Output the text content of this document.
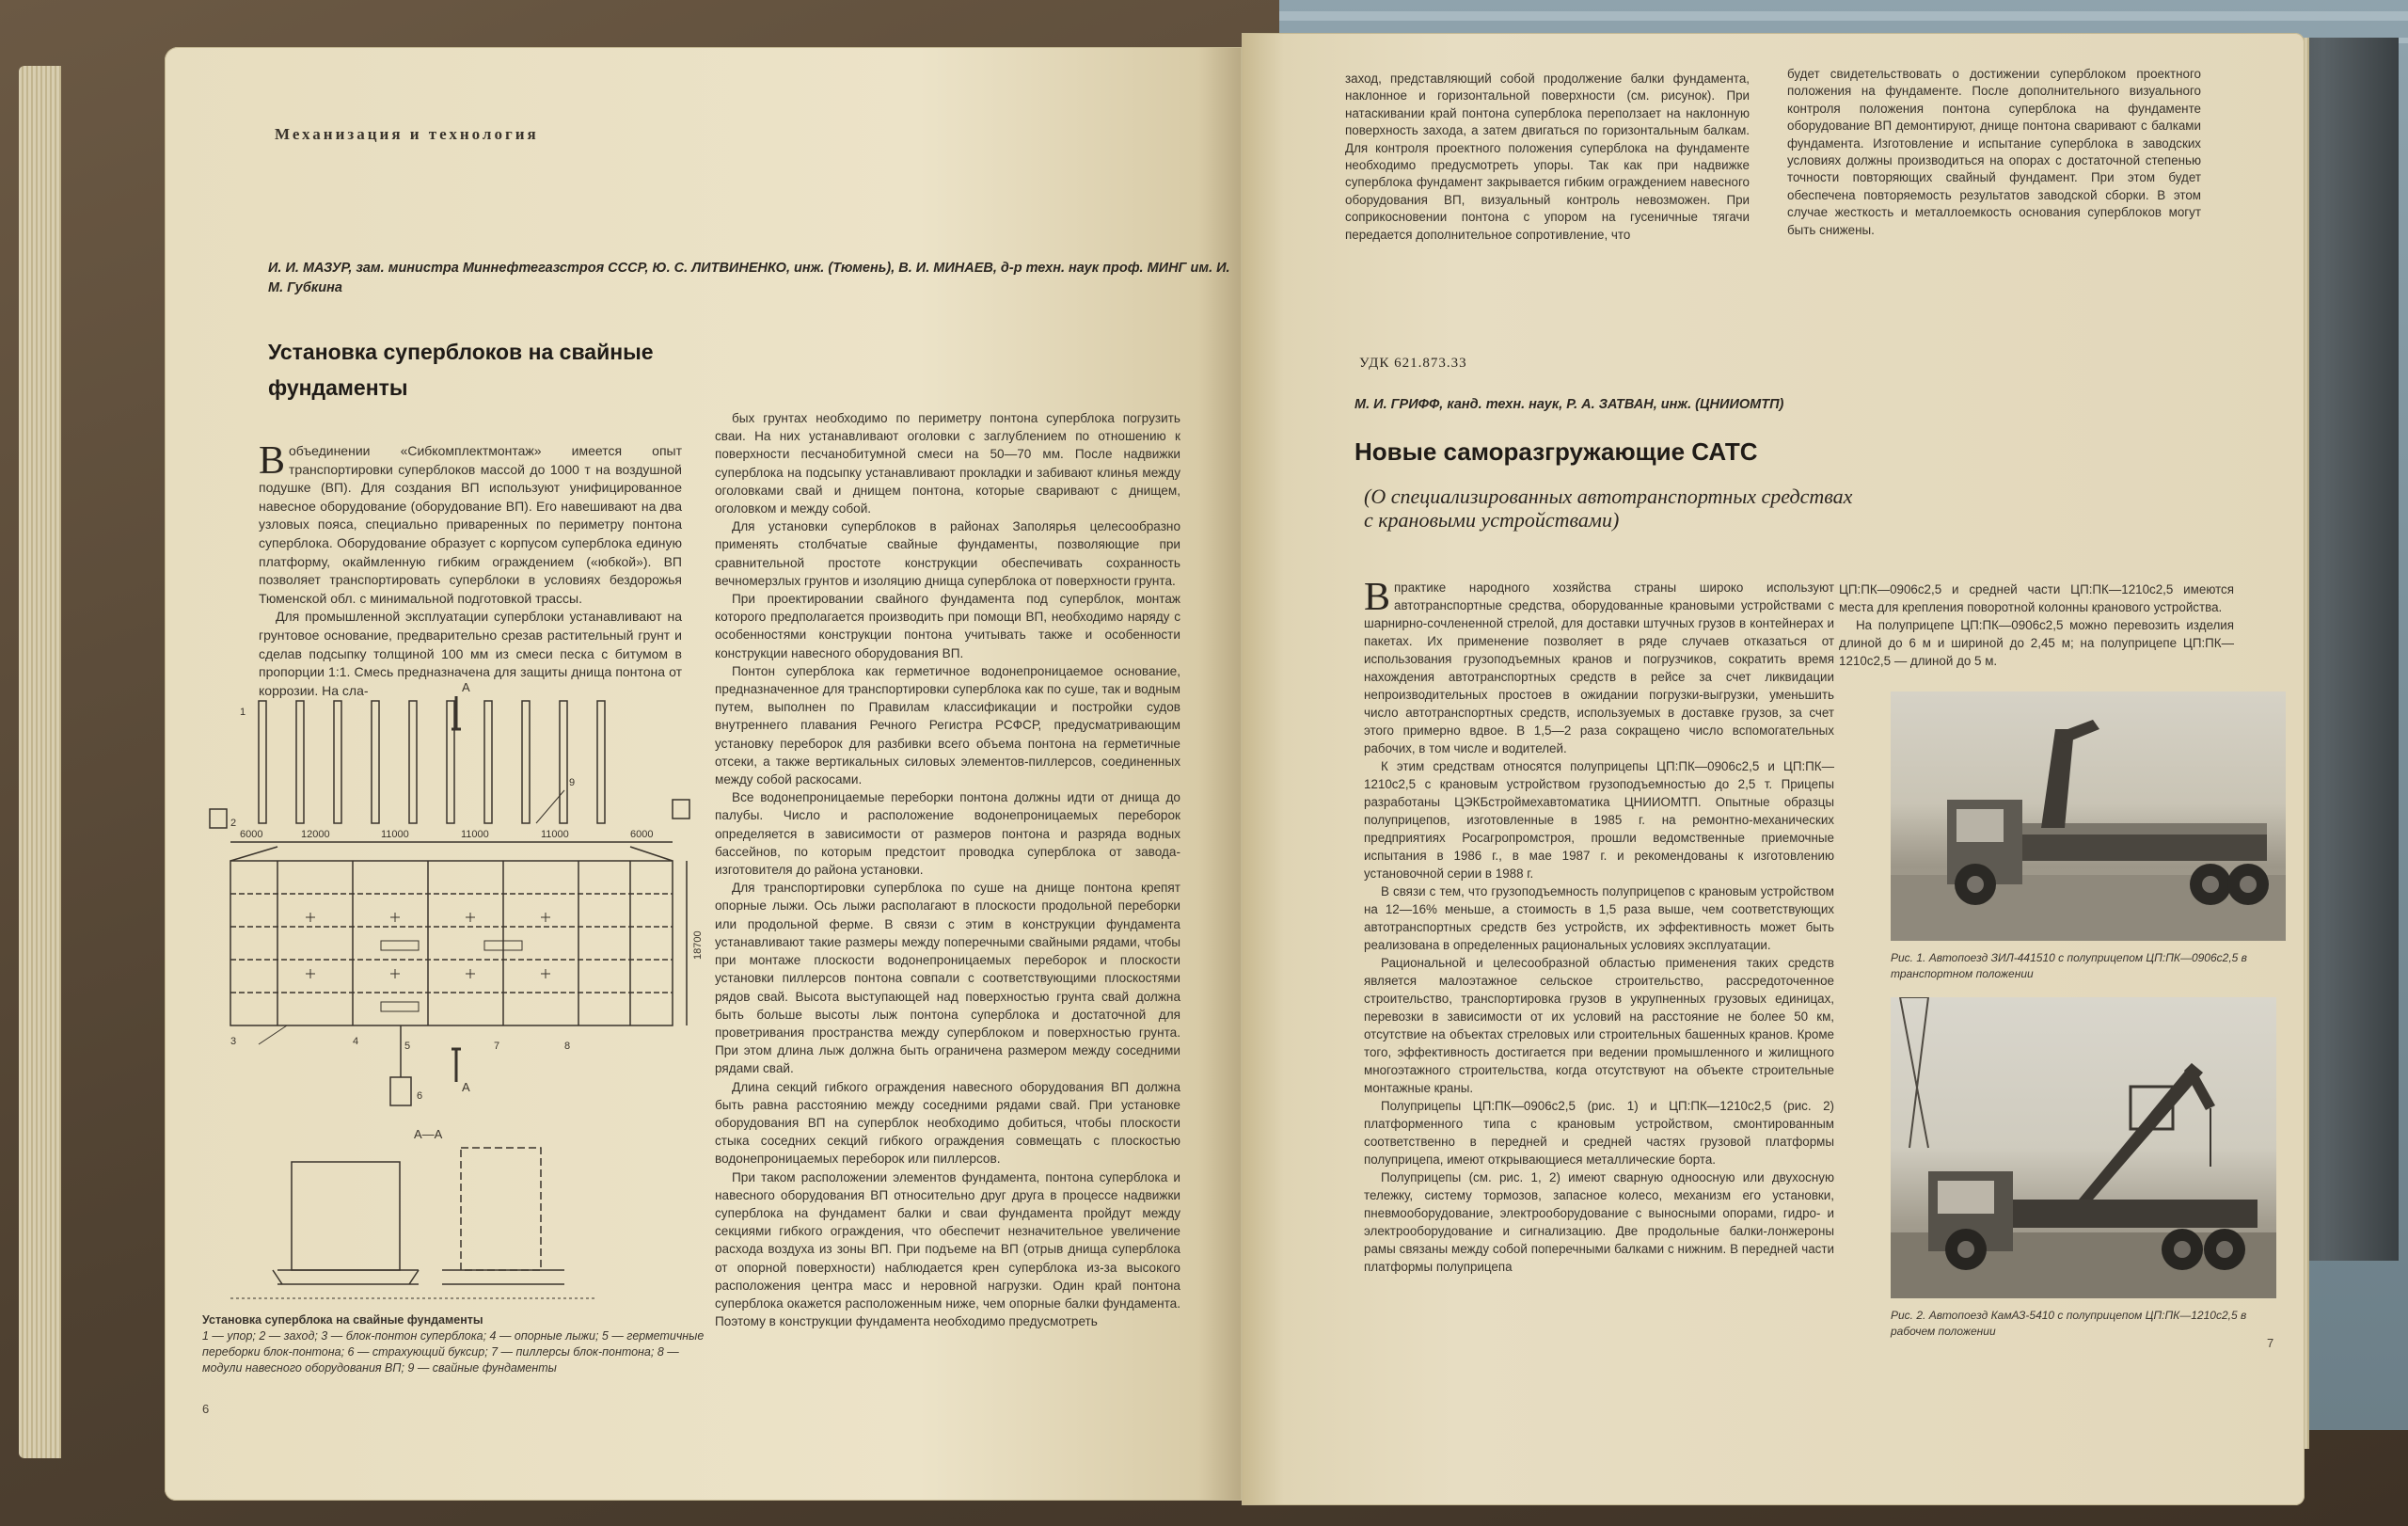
Механизация и технология
И. И. МАЗУР, зам. министра Миннефтегазстроя СССР, Ю. С. ЛИТВИНЕНКО, инж. (Тюмень), В. И. МИНАЕВ, д-р техн. наук проф. МИНГ им. И. М. Губкина
Установка суперблоков на свайные фундаменты
В объединении «Сибкомплектмонтаж» имеется опыт транспортировки суперблоков массой до 1000 т на воздушной подушке (ВП). Для создания ВП используют унифицированное навесное оборудование (оборудование ВП). Его навешивают на два узловых пояса, специально приваренных по периметру понтона суперблока. Оборудование образует с корпусом суперблока единую платформу, окаймленную гибким ограждением («юбкой»). ВП позволяет транспортировать суперблоки в условиях бездорожья Тюменской обл. с минимальной подготовкой трассы.

Для промышленной эксплуатации суперблоки устанавливают на грунтовое основание, предварительно срезав растительный грунт и сделав подсыпку толщиной 100 мм из смеси песка с битумом в пропорции 1:1. Смесь предназначена для защиты днища понтона от коррозии. На сла-

бых грунтах необходимо по периметру понтона суперблока погрузить сваи. На них устанавливают оголовки с заглублением по отношению к поверхности песчанобитумной смеси на 50—70 мм. После надвижки суперблока на подсыпку устанавливают прокладки и забивают клинья между оголовками свай и днищем понтона, которые сваривают с днищем, оголовком и между собой.

Для установки суперблоков в районах Заполярья целесообразно применять столбчатые свайные фундаменты, позволяющие при сравнительной простоте конструкции обеспечивать сохранность вечномерзлых грунтов и изоляцию днища суперблока от поверхности грунта.

При проектировании свайного фундамента под суперблок, монтаж которого предполагается производить при помощи ВП, необходимо наряду с особенностями конструкции понтона учитывать также и особенности конструкции навесного оборудования ВП.

Понтон суперблока как герметичное водонепроницаемое основание, предназначенное для транспортировки суперблока как по суше, так и водным путем, выполнен по Правилам классификации и постройки судов внутреннего плавания Речного Регистра РСФСР, предусматривающим установку переборок для разбивки всего объема понтона на герметичные отсеки, а также вертикальных силовых элементов-пиллерсов, соединенных между собой раскосами.

Все водонепроницаемые переборки понтона должны идти от днища до палубы. Число и расположение водонепроницаемых переборок определяется в зависимости от размеров понтона и разряда водных бассейнов, по которым предстоит проводка суперблока от завода-изготовителя до района установки.

Для транспортировки суперблока по суше на днище понтона крепят опорные лыжи. Ось лыжи располагают в плоскости продольной переборки или продольной ферме. В связи с этим в конструкции фундамента устанавливают такие размеры между поперечными свайными рядами, чтобы при монтаже плоскости водонепроницаемых переборок и плоскости установки пиллерсов понтона совпали с соответствующими плоскостями рядов свай. Высота выступающей над поверхностью грунта свай должна быть больше высоты лыж понтона суперблока и достаточной для проветривания пространства между суперблоком и поверхностью грунта. При этом длина лыж должна быть ограничена размером между соседними рядами свай.

Длина секций гибкого ограждения навесного оборудования ВП должна быть равна расстоянию между соседними рядами свай. При установке оборудования ВП на суперблок необходимо добиться, чтобы плоскости стыка соседних секций гибкого ограждения совмещать с плоскостью водонепроницаемых переборок или пиллерсов.

При таком расположении элементов фундамента, понтона суперблока и навесного оборудования ВП относительно друг друга в процессе надвижки суперблока на фундамент балки и сваи фундамента пройдут между секциями гибкого ограждения, что обеспечит незначительное увеличение расхода воздуха из зоны ВП. При подъеме на ВП (отрыв днища суперблока от опорной поверхности) наблюдается крен суперблока из-за высокого расположения центра масс и неровной нагрузки. Один край понтона суперблока окажется расположенным ниже, чем опорные балки фундамента. Поэтому в конструкции фундамента необходимо предусмотреть

6000	12000	11000	11000	11000	6000
18700
А
А
А—А
1
2
3	4	5
6
7	8
9
Установка суперблока на свайные фундаменты
1 — упор; 2 — заход; 3 — блок-понтон суперблока; 4 — опорные лыжи; 5 — герметичные переборки блок-понтона; 6 — страхующий буксир; 7 — пиллерсы блок-понтона; 8 — модули навесного оборудования ВП; 9 — свайные фундаменты
6
заход, представляющий собой продолжение балки фундамента, наклонное и горизонтальной поверхности (см. рисунок). При натаскивании край понтона суперблока переползает на наклонную поверхность захода, а затем двигаться по горизонтальным балкам. Для контроля проектного положения суперблока на фундаменте необходимо предусмотреть упоры. Так как при надвижке суперблока фундамент закрывается гибким ограждением навесного оборудования ВП, визуальный контроль невозможен. При соприкосновении понтона с упором на гусеничные тягачи передается дополнительное сопротивление, что
будет свидетельствовать о достижении суперблоком проектного положения на фундаменте. После дополнительного визуального контроля положения понтона суперблока на фундаменте оборудование ВП демонтируют, днище понтона сваривают с балками фундамента. Изготовление и испытание суперблока в заводских условиях должны производиться на опорах с достаточной степенью точности повторяющих свайный фундамент. При этом будет обеспечена повторяемость результатов заводской сборки. В этом случае жесткость и металлоемкость основания суперблоков могут быть снижены.
УДК 621.873.33
М. И. ГРИФФ, канд. техн. наук, Р. А. ЗАТВАН, инж. (ЦНИИОМТП)
Новые саморазгружающие САТС
(О специализированных автотранспортных средствах с крановыми устройствами)
В практике народного хозяйства страны широко используют автотранспортные средства, оборудованные крановыми устройствами с шарнирно-сочлененной стрелой, для доставки штучных грузов в контейнерах и пакетах. Их применение позволяет в ряде случаев отказаться от использования грузоподъемных кранов и погрузчиков, сократить время нахождения автотранспортных средств в рейсе за счет ликвидации непроизводительных простоев в ожидании погрузки-выгрузки, уменьшить число автотранспортных средств, используемых в доставке грузов, за счет этого примерно вдвое. В 1,5—2 раза сокращено число вспомогательных рабочих, в том числе и водителей.

К этим средствам относятся полуприцепы ЦП:ПК—0906с2,5 и ЦП:ПК—1210с2,5 с крановым устройством грузоподъемностью до 2,5 т. Прицепы разработаны ЦЭКБстроймехавтоматика ЦНИИОМТП. Опытные образцы полуприцепов, изготовленные в 1985 г. на ремонтно-механических предприятиях Росагропромстроя, прошли ведомственные приемочные испытания в 1986 г., в мае 1987 г. и рекомендованы к изготовлению установочной серии в 1988 г.

В связи с тем, что грузоподъемность полуприцепов с крановым устройством на 12—16% меньше, а стоимость в 1,5 раза выше, чем соответствующих автотранспортных средств без устройств, их эффективность может быть реализована в определенных рациональных условиях эксплуатации.

Рациональной и целесообразной областью применения таких средств является малоэтажное сельское строительство, рассредоточенное строительство, транспортировка грузов в укрупненных грузовых единицах, перевозки в зависимости от их условий на расстояние не более 50 км, отсутствие на объектах стреловых или строительных башенных кранов. Кроме того, эффективность достигается при ведении промышленного и жилищного многоэтажного строительства, когда отсутствуют на объекте строительные монтажные краны.

Полуприцепы ЦП:ПК—0906с2,5 (рис. 1) и ЦП:ПК—1210с2,5 (рис. 2) платформенного типа с крановым устройством, смонтированным соответственно в передней и средней частях грузовой платформы полуприцепа, имеют открывающиеся металлические борта.

Полуприцепы (см. рис. 1, 2) имеют сварную одноосную или двухосную тележку, систему тормозов, запасное колесо, механизм его установки, пневмооборудование, электрооборудование с выносными опорами, гидро- и электрооборудование и сигнализацию. Две продольные балки-лонжероны рамы связаны между собой поперечными балками с нижним. В передней части платформы полуприцепа

ЦП:ПК—0906с2,5 и средней части ЦП:ПК—1210с2,5 имеются места для крепления поворотной колонны кранового устройства.

На полуприцепе ЦП:ПК—0906с2,5 можно перевозить изделия длиной до 6 м и шириной до 2,45 м; на полуприцепе ЦП:ПК—1210с2,5 — длиной до 5 м.

Рис. 1. Автопоезд ЗИЛ-441510 с полуприцепом ЦП:ПК—0906с2,5 в транспортном положении
Рис. 2. Автопоезд КамАЗ-5410 с полуприцепом ЦП:ПК—1210с2,5 в рабочем положении
7
